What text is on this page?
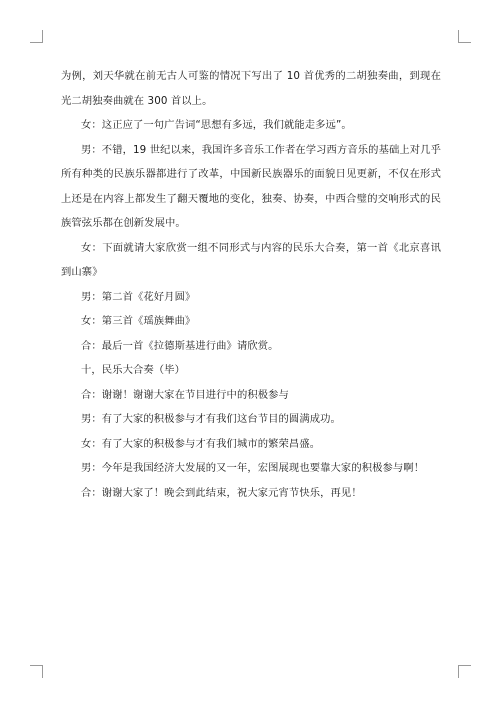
为例，刘天华就在前无古人可鉴的情况下写出了 10 首优秀的二胡独奏曲，到现在光二胡独奏曲就在 300 首以上。

女：这正应了一句广告词“思想有多远，我们就能走多远”。

男：不错，19 世纪以来，我国许多音乐工作者在学习西方音乐的基础上对几乎所有种类的民族乐器都进行了改革，中国新民族器乐的面貌日见更新，不仅在形式上还是在内容上都发生了翻天覆地的变化，独奏、协奏，中西合璧的交响形式的民族管弦乐都在创新发展中。

女：下面就请大家欣赏一组不同形式与内容的民乐大合奏，第一首《北京喜讯到山寨》

男：第二首《花好月圆》

女：第三首《瑶族舞曲》

合：最后一首《拉德斯基进行曲》请欣赏。

十，民乐大合奏（毕）

合：谢谢！谢谢大家在节目进行中的积极参与

男：有了大家的积极参与才有我们这台节目的圆满成功。

女：有了大家的积极参与才有我们城市的繁荣昌盛。

男：今年是我国经济大发展的又一年，宏图展现也要靠大家的积极参与啊！

合：谢谢大家了！晚会到此结束，祝大家元宵节快乐，再见！
